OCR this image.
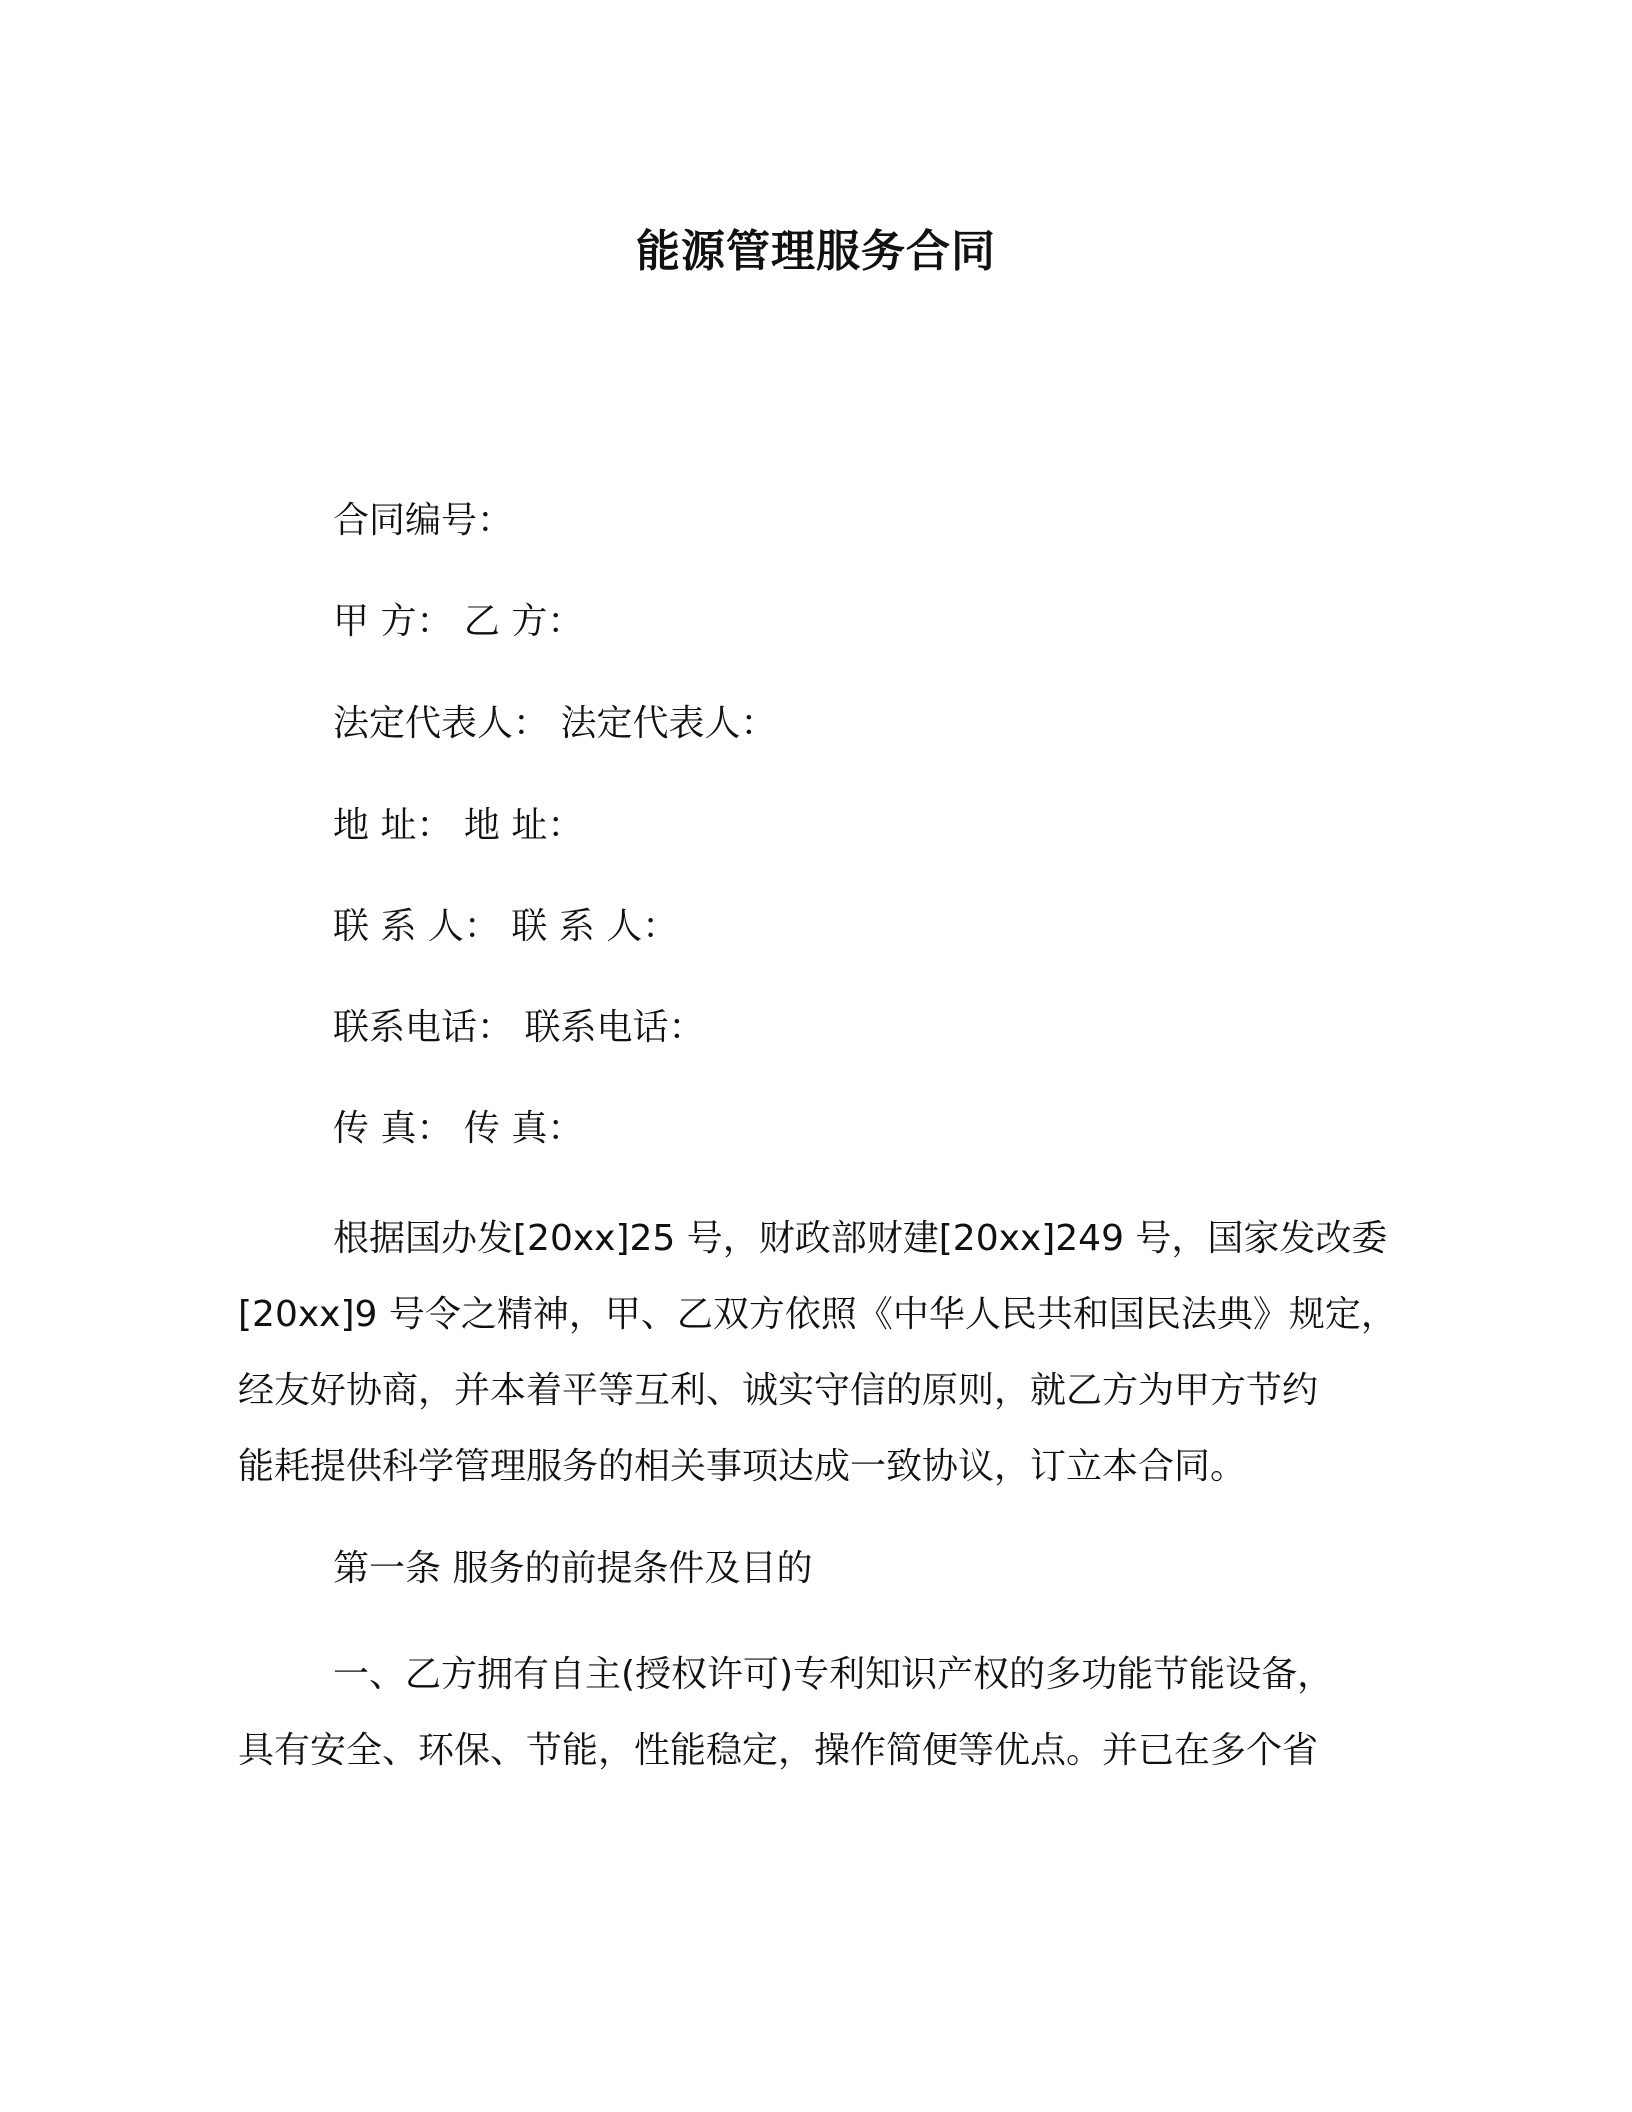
能源管理服务合同
合同编号：
甲 方： 乙 方：
法定代表人： 法定代表人：
地 址： 地 址：
联 系 人： 联 系 人：
联系电话： 联系电话：
传 真： 传 真：
根据国办发[20xx]25 号，财政部财建[20xx]249 号，国家发改委
[20xx]9 号令之精神，甲、乙双方依照《中华人民共和国民法典》规定，
经友好协商，并本着平等互利、诚实守信的原则，就乙方为甲方节约
能耗提供科学管理服务的相关事项达成一致协议，订立本合同。
第一条 服务的前提条件及目的
一、乙方拥有自主(授权许可)专利知识产权的多功能节能设备，
具有安全、环保、节能，性能稳定，操作简便等优点。并已在多个省
